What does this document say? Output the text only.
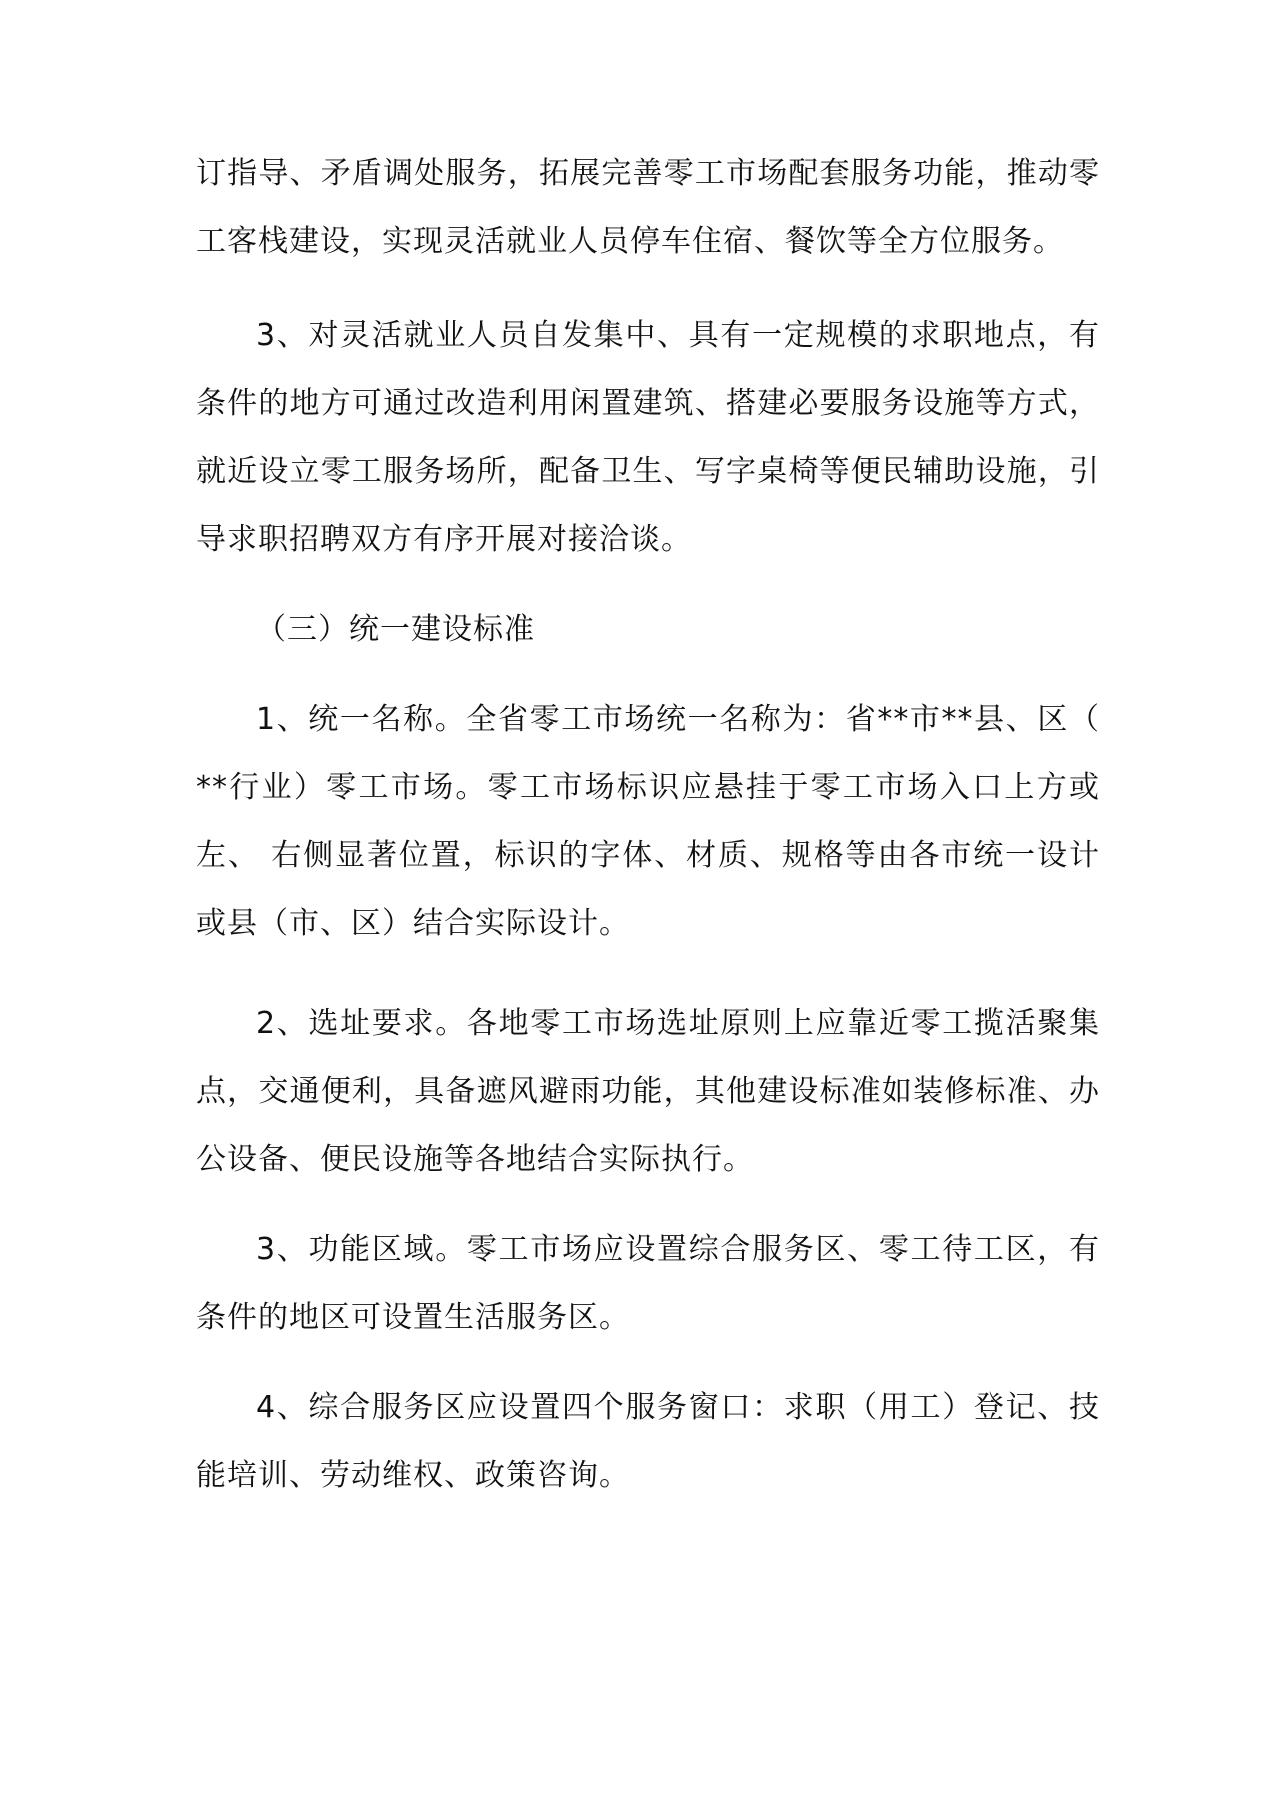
订指导、矛盾调处服务，拓展完善零工市场配套服务功能，推动零工客栈建设，实现灵活就业人员停车住宿、餐饮等全方位服务。

3、对灵活就业人员自发集中、具有一定规模的求职地点，有条件的地方可通过改造利用闲置建筑、搭建必要服务设施等方式，就近设立零工服务场所，配备卫生、写字桌椅等便民辅助设施，引导求职招聘双方有序开展对接洽谈。

（三）统一建设标准

1、统一名称。全省零工市场统一名称为：省**市**县、区（ **行业）零工市场。零工市场标识应悬挂于零工市场入口上方或左、 右侧显著位置，标识的字体、材质、规格等由各市统一设计或县（市、区）结合实际设计。

2、选址要求。各地零工市场选址原则上应靠近零工揽活聚集点，交通便利，具备遮风避雨功能，其他建设标准如装修标准、办公设备、便民设施等各地结合实际执行。

3、功能区域。零工市场应设置综合服务区、零工待工区，有条件的地区可设置生活服务区。

4、综合服务区应设置四个服务窗口：求职（用工）登记、技能培训、劳动维权、政策咨询。
